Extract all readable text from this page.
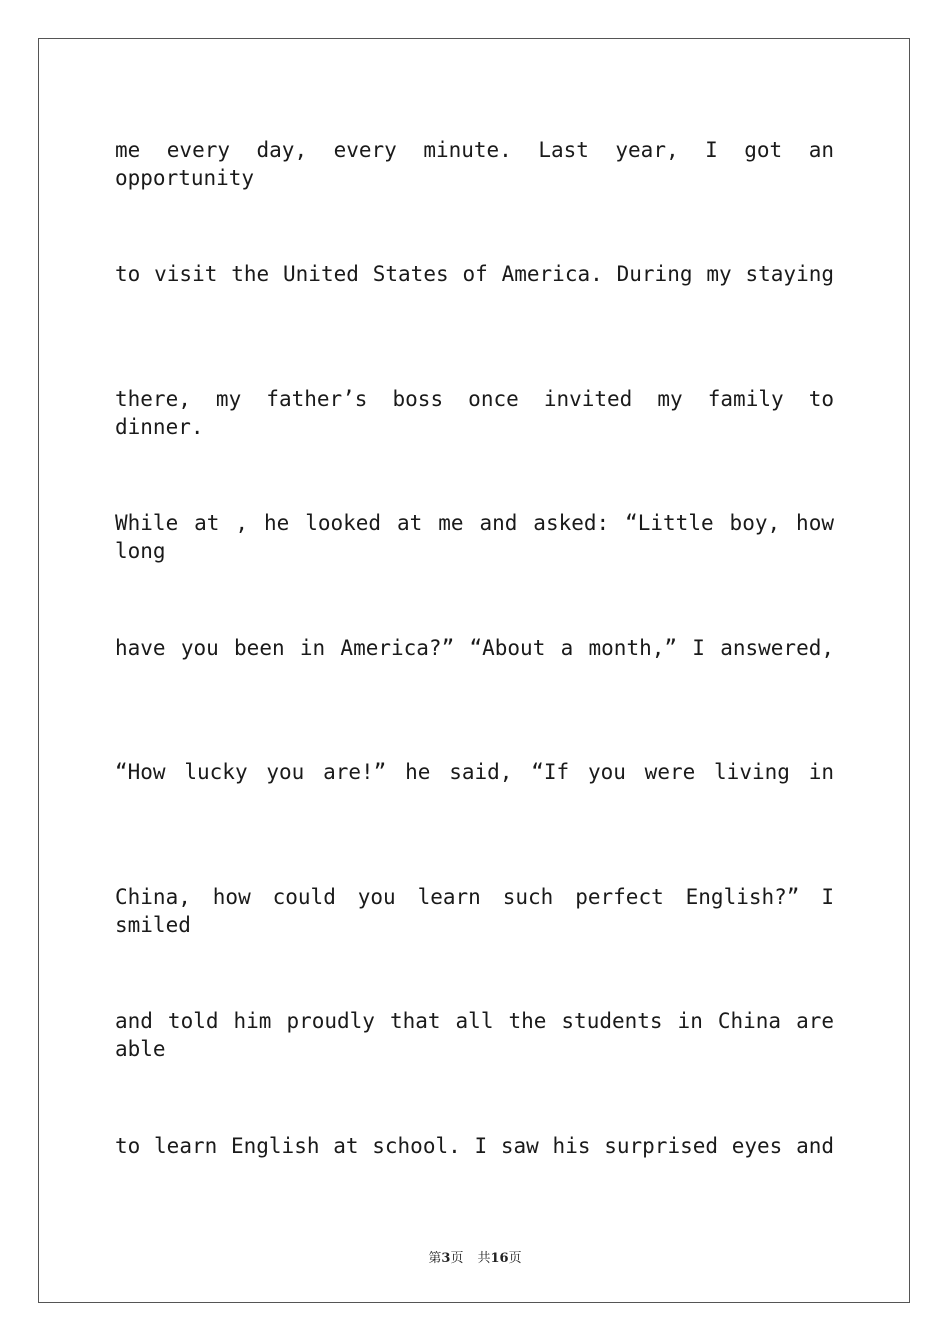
me every day, every minute. Last year, I got an opportunity
to visit the United States of America. During my staying
there, my father’s boss once invited my family to dinner.
While at , he looked at me and asked: “Little boy, how long
have you been in America?” “About a month,” I answered,
“How lucky you are!” he said, “If you were living in
China, how could you learn such perfect English?” I smiled
and told him proudly that all the students in China are able
to learn English at school. I saw his surprised eyes and
第3页 共16页
